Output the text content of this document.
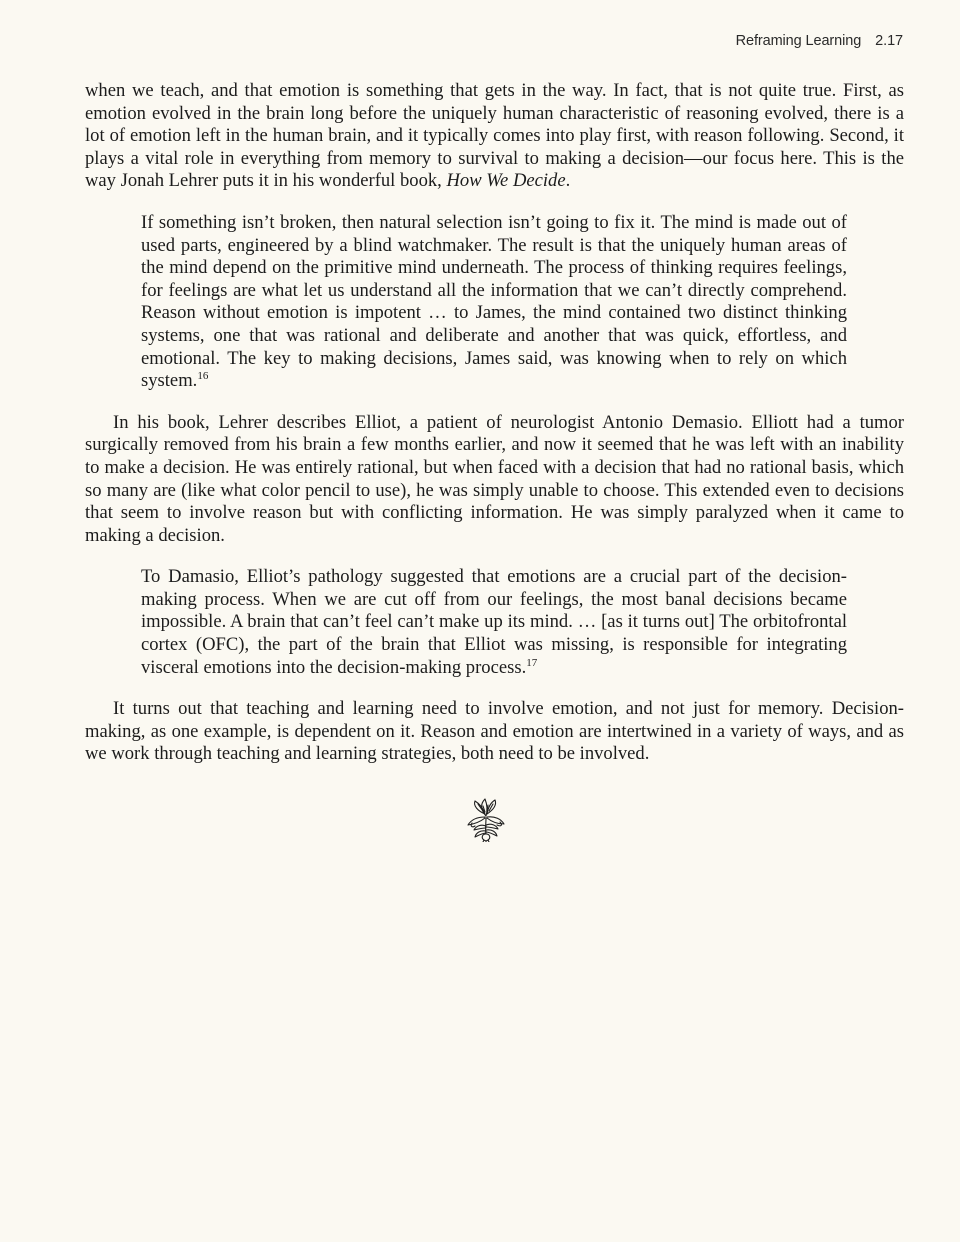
Reframing Learning 2.17

when we teach, and that emotion is something that gets in the way. In fact, that is not quite true. First, as emotion evolved in the brain long before the uniquely human characteristic of reasoning evolved, there is a lot of emotion left in the human brain, and it typically comes into play first, with reason following. Second, it plays a vital role in everything from memory to survival to making a decision—our focus here. This is the way Jonah Lehrer puts it in his wonderful book, How We Decide.

If something isn’t broken, then natural selection isn’t going to fix it. The mind is made out of used parts, engineered by a blind watchmaker. The result is that the uniquely human areas of the mind depend on the primitive mind underneath. The process of thinking requires feelings, for feelings are what let us understand all the information that we can’t directly comprehend. Reason without emotion is impotent … to James, the mind contained two distinct thinking systems, one that was rational and deliberate and another that was quick, effortless, and emotional. The key to making decisions, James said, was knowing when to rely on which system.$^{16}$

In his book, Lehrer describes Elliot, a patient of neurologist Antonio Demasio. Elliott had a tumor surgically removed from his brain a few months earlier, and now it seemed that he was left with an inability to make a decision. He was entirely rational, but when faced with a decision that had no rational basis, which so many are (like what color pencil to use), he was simply unable to choose. This extended even to decisions that seem to involve reason but with conflicting information. He was simply paralyzed when it came to making a decision.

To Damasio, Elliot’s pathology suggested that emotions are a crucial part of the decision-making process. When we are cut off from our feelings, the most banal decisions became impossible. A brain that can’t feel can’t make up its mind. … [as it turns out] The orbitofrontal cortex (OFC), the part of the brain that Elliot was missing, is responsible for integrating visceral emotions into the decision-making process.$^{17}$

It turns out that teaching and learning need to involve emotion, and not just for memory. Decision-making, as one example, is dependent on it. Reason and emotion are intertwined in a variety of ways, and as we work through teaching and learning strategies, both need to be involved.
